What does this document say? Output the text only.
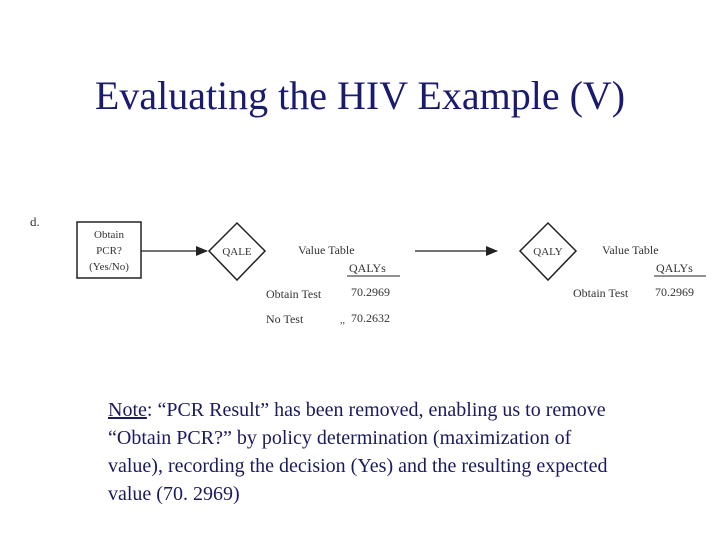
Evaluating the HIV Example (V)
d.
Obtain
PCR?
(Yes/No)
QALE	Value Table
QALYs
Obtain Test 70.2969
No Test	,, 70.2632
QALY	Value Table
QALYs
Obtain Test 70.2969
Note: “PCR Result” has been removed, enabling us to remove “Obtain PCR?” by policy determination (maximization of value), recording the decision (Yes) and the resulting expected value (70. 2969)
